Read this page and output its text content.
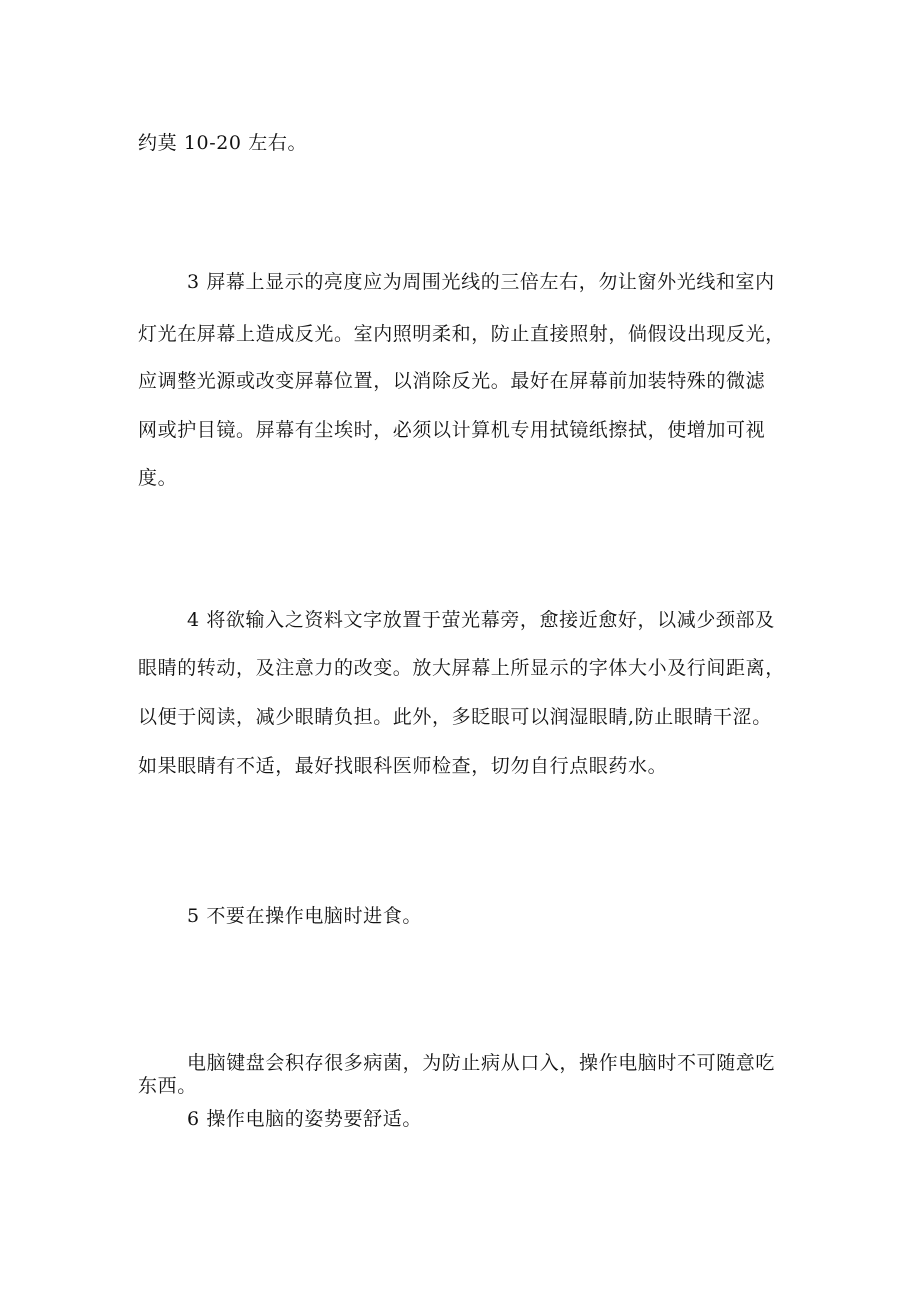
约莫 10-20 左右。

3 屏幕上显示的亮度应为周围光线的三倍左右，勿让窗外光线和室内

灯光在屏幕上造成反光。室内照明柔和，防止直接照射，倘假设出现反光，

应调整光源或改变屏幕位置，以消除反光。最好在屏幕前加装特殊的微滤

网或护目镜。屏幕有尘埃时，必须以计算机专用拭镜纸擦拭，使增加可视

度。

4 将欲输入之资料文字放置于萤光幕旁，愈接近愈好，以减少颈部及

眼睛的转动，及注意力的改变。放大屏幕上所显示的字体大小及行间距离，

以便于阅读，减少眼睛负担。此外，多眨眼可以润湿眼睛,防止眼睛干涩。

如果眼睛有不适，最好找眼科医师检查，切勿自行点眼药水。

5 不要在操作电脑时进食。

电脑键盘会积存很多病菌，为防止病从口入，操作电脑时不可随意吃

东西。

6 操作电脑的姿势要舒适。
